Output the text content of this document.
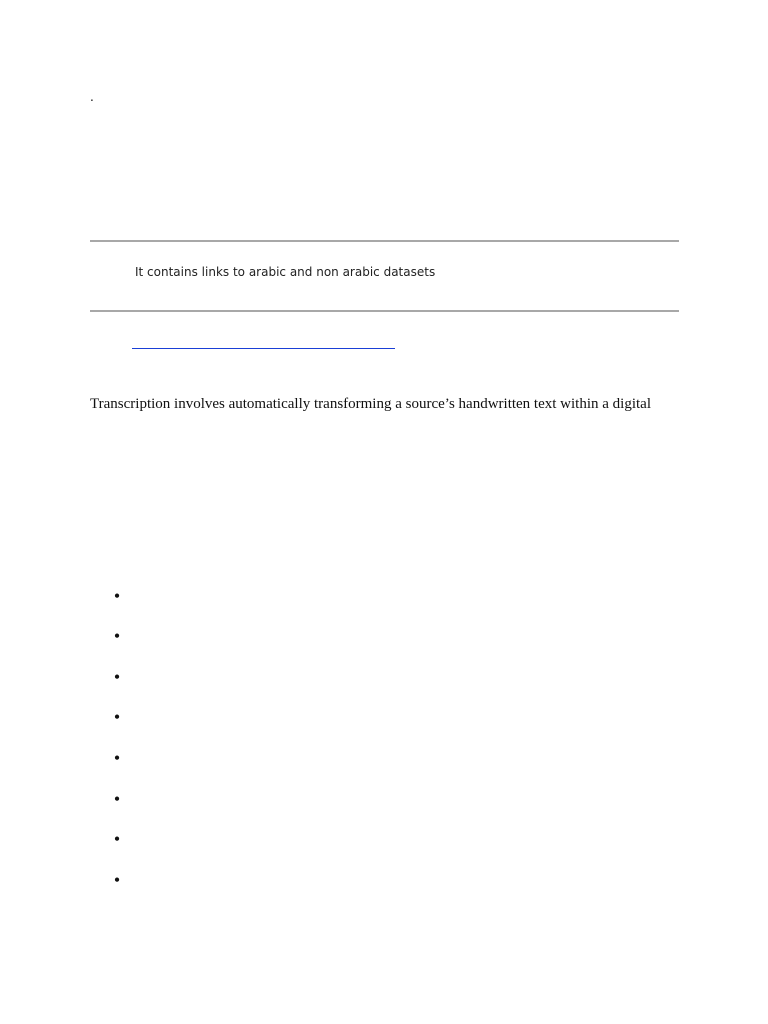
.
It contains links to arabic and non arabic datasets

Transcription involves automatically transforming a source’s handwritten text within a digital

•
•
•
•
•
•
•
•
